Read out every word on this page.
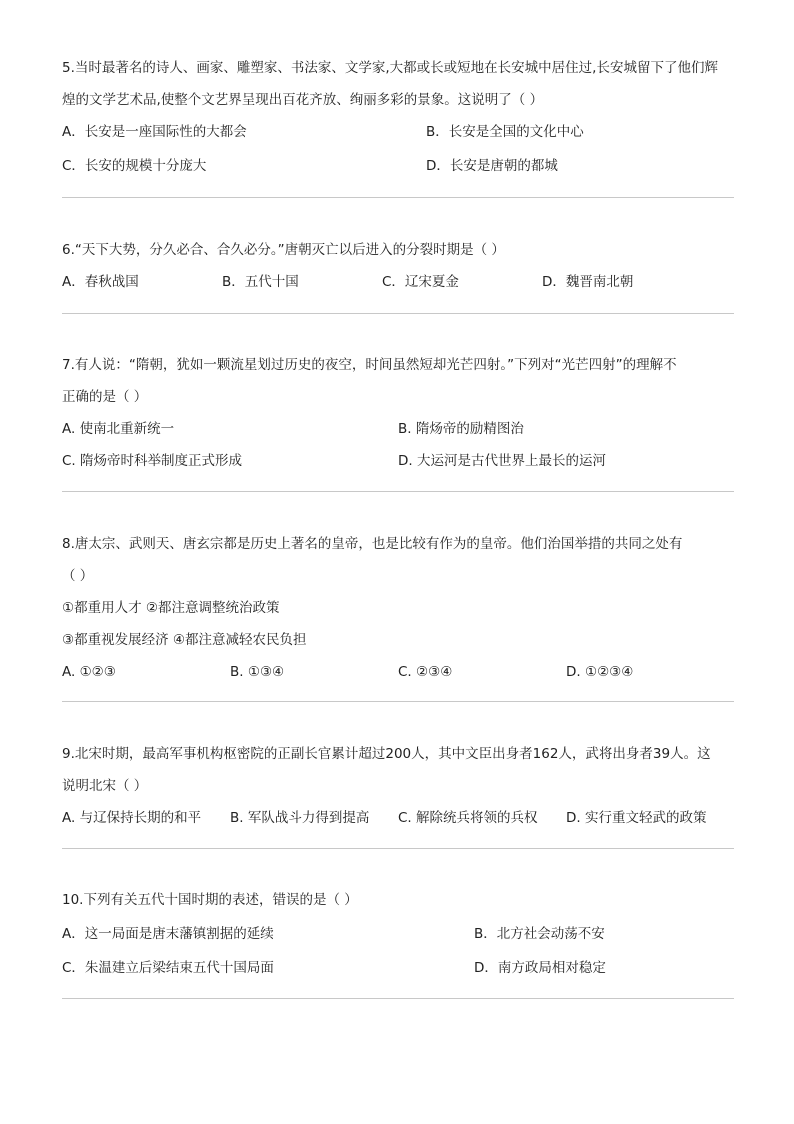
5.当时最著名的诗人、画家、雕塑家、书法家、文学家,大都或长或短地在长安城中居住过,长安城留下了他们辉
煌的文学艺术品,使整个文艺界呈现出百花齐放、绚丽多彩的景象。这说明了（ ）
A．长安是一座国际性的大都会	B．长安是全国的文化中心
C．长安的规模十分庞大	D．长安是唐朝的都城
6.“天下大势，分久必合、合久必分。”唐朝灭亡以后进入的分裂时期是（ ）
A．春秋战国	B．五代十国	C．辽宋夏金	D．魏晋南北朝
7.有人说：“隋朝，犹如一颗流星划过历史的夜空，时间虽然短却光芒四射。”下列对“光芒四射”的理解不
正确的是（ ）
A. 使南北重新统一	B. 隋炀帝的励精图治
C. 隋炀帝时科举制度正式形成	D. 大运河是古代世界上最长的运河
8.唐太宗、武则天、唐玄宗都是历史上著名的皇帝，也是比较有作为的皇帝。他们治国举措的共同之处有
（ ）
①都重用人才 ②都注意调整统治政策
③都重视发展经济 ④都注意减轻农民负担
A. ①②③	B. ①③④	C. ②③④	D. ①②③④
9.北宋时期，最高军事机构枢密院的正副长官累计超过200人，其中文臣出身者162人，武将出身者39人。这
说明北宋（ ）
A. 与辽保持长期的和平 B. 军队战斗力得到提高 C. 解除统兵将领的兵权 D. 实行重文轻武的政策
10.下列有关五代十国时期的表述，错误的是（ ）
A．这一局面是唐末藩镇割据的延续	B．北方社会动荡不安
C．朱温建立后梁结束五代十国局面	D．南方政局相对稳定
